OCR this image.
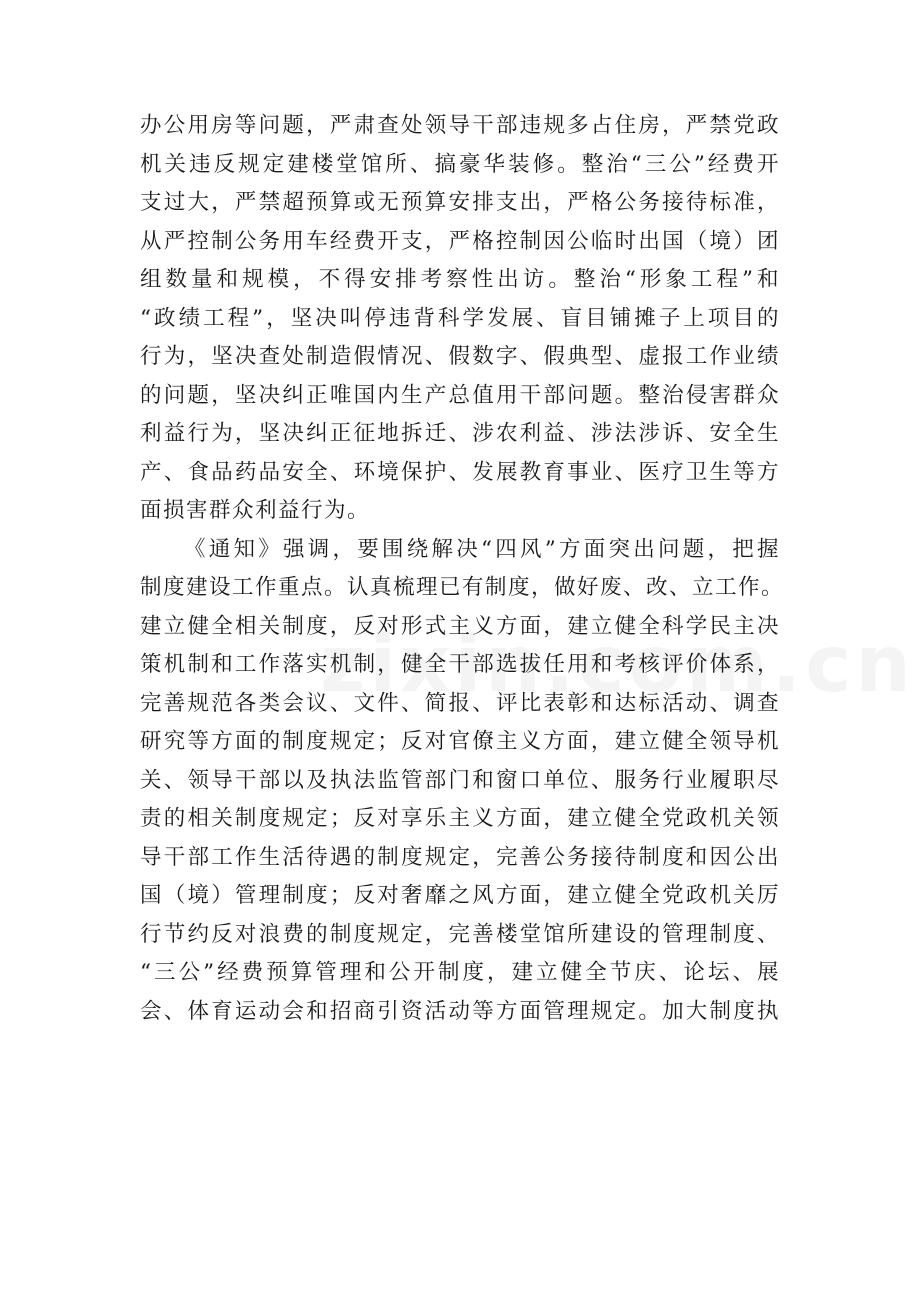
办公用房等问题，严肃查处领导干部违规多占住房，严禁党政
机关违反规定建楼堂馆所、搞豪华装修。整治“三公”经费开
支过大，严禁超预算或无预算安排支出，严格公务接待标准，
从严控制公务用车经费开支，严格控制因公临时出国（境）团
组数量和规模，不得安排考察性出访。整治“形象工程”和
“政绩工程”，坚决叫停违背科学发展、盲目铺摊子上项目的
行为，坚决查处制造假情况、假数字、假典型、虚报工作业绩
的问题，坚决纠正唯国内生产总值用干部问题。整治侵害群众
利益行为，坚决纠正征地拆迁、涉农利益、涉法涉诉、安全生
产、食品药品安全、环境保护、发展教育事业、医疗卫生等方
面损害群众利益行为。
《通知》强调，要围绕解决“四风”方面突出问题，把握
制度建设工作重点。认真梳理已有制度，做好废、改、立工作。
建立健全相关制度，反对形式主义方面，建立健全科学民主决
策机制和工作落实机制，健全干部选拔任用和考核评价体系，
完善规范各类会议、文件、简报、评比表彰和达标活动、调查
研究等方面的制度规定；反对官僚主义方面，建立健全领导机
关、领导干部以及执法监管部门和窗口单位、服务行业履职尽
责的相关制度规定；反对享乐主义方面，建立健全党政机关领
导干部工作生活待遇的制度规定，完善公务接待制度和因公出
国（境）管理制度；反对奢靡之风方面，建立健全党政机关厉
行节约反对浪费的制度规定，完善楼堂馆所建设的管理制度、
“三公”经费预算管理和公开制度，建立健全节庆、论坛、展
会、体育运动会和招商引资活动等方面管理规定。加大制度执
